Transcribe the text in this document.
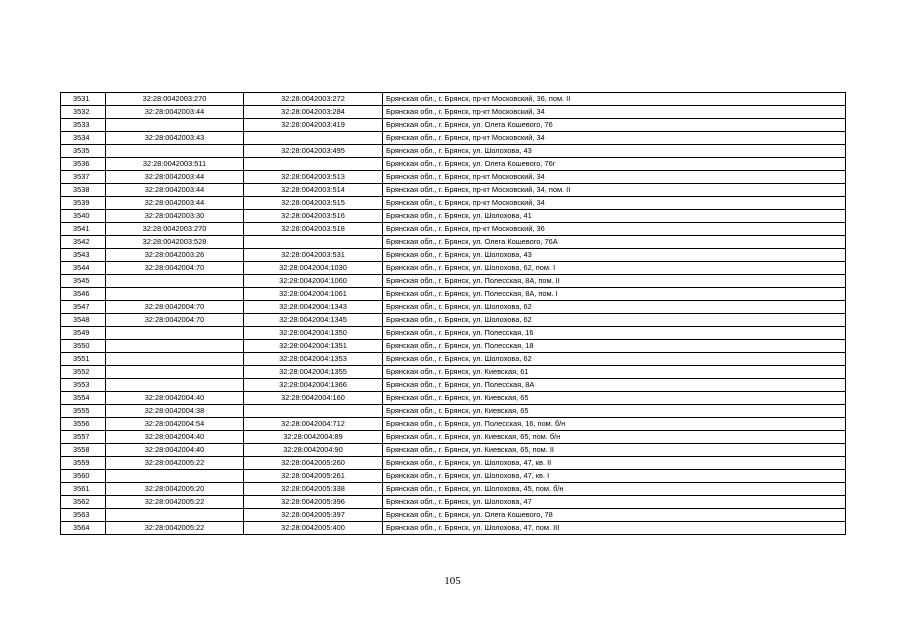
3531	32:28:0042003:270	32:28:0042003:272	Брянская обл., г. Брянск, пр-кт Московский, 36, пом. II
3532	32:28:0042003:44	32:28:0042003:284	Брянская обл., г. Брянск, пр-кт Московский, 34
3533		32:28:0042003:419	Брянская обл., г. Брянск, ул. Олега Кошевого, 76
3534	32:28:0042003:43		Брянская обл., г. Брянск, пр-кт Московский, 34
3535		32:28:0042003:495	Брянская обл., г. Брянск, ул. Шолохова, 43
3536	32:28:0042003:511		Брянская обл., г. Брянск, ул. Олега Кошевого, 76г
3537	32:28:0042003:44	32:28:0042003:513	Брянская обл., г. Брянск, пр-кт Московский, 34
3538	32:28:0042003:44	32:28:0042003:514	Брянская обл., г. Брянск, пр-кт Московский, 34, пом. II
3539	32:28:0042003:44	32:28:0042003:515	Брянская обл., г. Брянск, пр-кт Московский, 34
3540	32:28:0042003:30	32:28:0042003:516	Брянская обл., г. Брянск, ул. Шолохова, 41
3541	32:28:0042003:270	32:28:0042003:518	Брянская обл., г. Брянск, пр-кт Московский, 36
3542	32:28:0042003:528		Брянская обл., г. Брянск, ул. Олега Кошевого, 76А
3543	32:28:0042003:26	32:28:0042003:531	Брянская обл., г. Брянск, ул. Шолохова, 43
3544	32:28:0042004:70	32:28:0042004:1030	Брянская обл., г. Брянск, ул. Шолохова, 62, пом. I
3545		32:28:0042004:1060	Брянская обл., г. Брянск, ул. Полесская, 8А, пом. II
3546		32:28:0042004:1061	Брянская обл., г. Брянск, ул. Полесская, 8А, пом. I
3547	32:28:0042004:70	32:28:0042004:1343	Брянская обл., г. Брянск, ул. Шолохова, 62
3548	32:28:0042004:70	32:28:0042004:1345	Брянская обл., г. Брянск, ул. Шолохова, 62
3549		32:28:0042004:1350	Брянская обл., г. Брянск, ул. Полесская, 16
3550		32:28:0042004:1351	Брянская обл., г. Брянск, ул. Полесская, 18
3551		32:28:0042004:1353	Брянская обл., г. Брянск, ул. Шолохова, 62
3552		32:28:0042004:1355	Брянская обл., г. Брянск, ул. Киевская, 61
3553		32:28:0042004:1366	Брянская обл., г. Брянск, ул. Полесская, 8А
3554	32:28:0042004:40	32:28:0042004:160	Брянская обл., г. Брянск, ул. Киевская, 65
3555	32:28:0042004:38		Брянская обл., г. Брянск, ул. Киевская, 65
3556	32:28:0042004:54	32:28:0042004:712	Брянская обл., г. Брянск, ул. Полесская, 16, пом. б/н
3557	32:28:0042004:40	32:28:0042004:89	Брянская обл., г. Брянск, ул. Киевская, 65, пом. б/н
3558	32:28:0042004:40	32:28:0042004:90	Брянская обл., г. Брянск, ул. Киевская, 65, пом. II
3559	32:28:0042005:22	32:28:0042005:260	Брянская обл., г. Брянск, ул. Шолохова, 47, кв. II
3560		32:28:0042005:261	Брянская обл., г. Брянск, ул. Шолохова, 47, кв. I
3561	32:28:0042005:20	32:28:0042005:338	Брянская обл., г. Брянск, ул. Шолохова, 45, пом. б/н
3562	32:28:0042005:22	32:28:0042005:396	Брянская обл., г. Брянск, ул. Шолохова, 47
3563		32:28:0042005:397	Брянская обл., г. Брянск, ул. Олега Кошевого, 78
3564	32:28:0042005:22	32:28:0042005:400	Брянская обл., г. Брянск, ул. Шолохова, 47, пом. III
105
